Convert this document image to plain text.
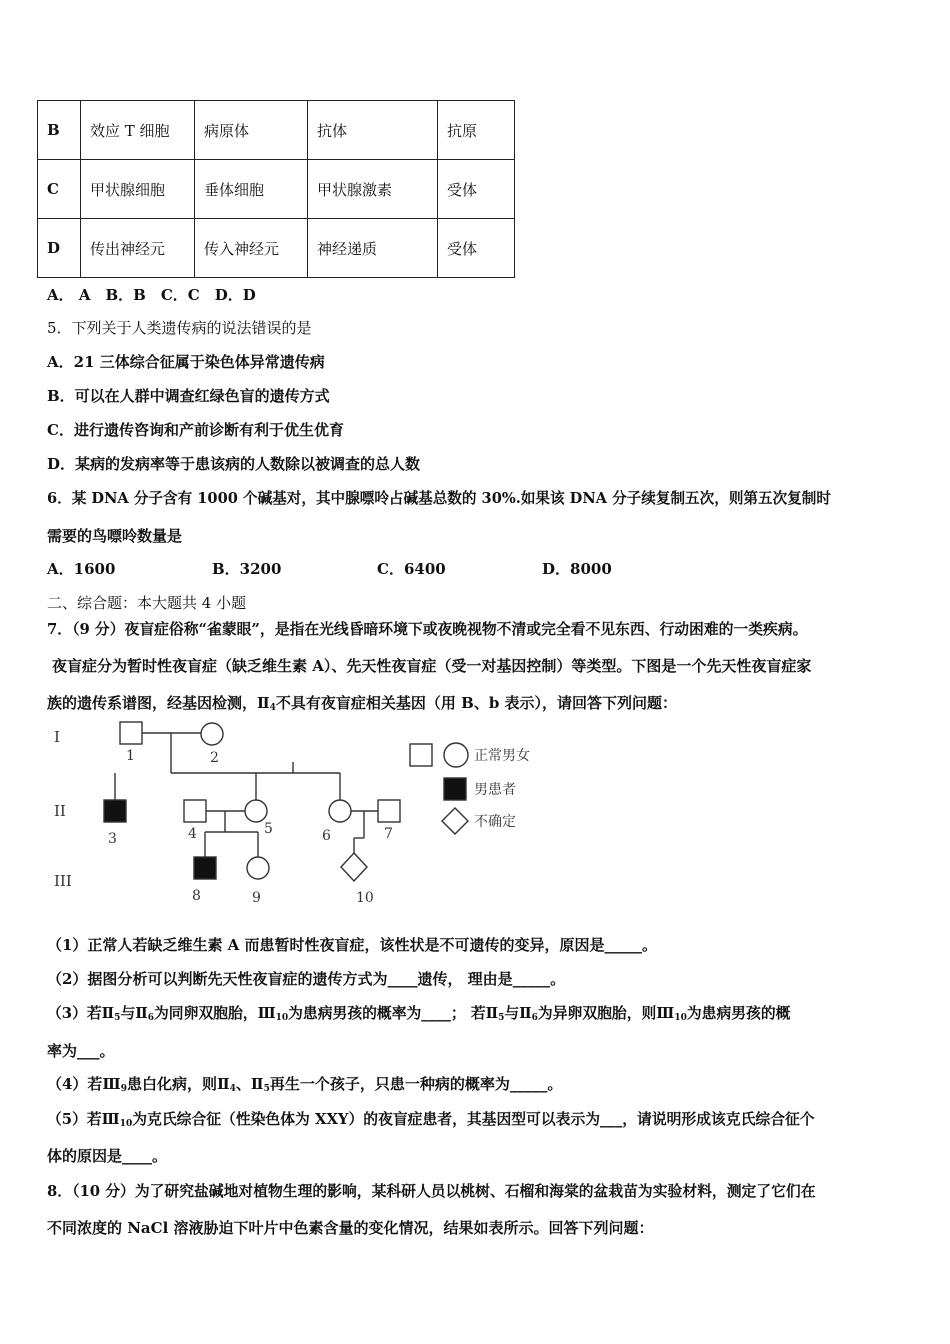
B	效应 T 细胞	病原体	抗体	抗原
C	甲状腺细胞	垂体细胞	甲状腺激素	受体
D	传出神经元	传入神经元	神经递质	受体
A． A　B．B　C．C　D．D
5．下列关于人类遗传病的说法错误的是
A．21 三体综合征属于染色体异常遗传病
B．可以在人群中调查红绿色盲的遗传方式
C．进行遗传咨询和产前诊断有利于优生优育
D．某病的发病率等于患该病的人数除以被调查的总人数
6．某 DNA 分子含有 1000 个碱基对，其中腺嘌呤占碱基总数的 30%.如果该 DNA 分子续复制五次，则第五次复制时
需要的鸟嘌呤数量是
A．1600	B．3200	C．6400	D．8000
二、综合题：本大题共 4 小题
7．（9 分）夜盲症俗称“雀蒙眼”，是指在光线昏暗环境下或夜晚视物不清或完全看不见东西、行动困难的一类疾病。
夜盲症分为暂时性夜盲症（缺乏维生素 A）、先天性夜盲症（受一对基因控制）等类型。下图是一个先天性夜盲症家
族的遗传系谱图，经基因检测，$Ⅱ_4$不具有夜盲症相关基因（用 B、b 表示），请回答下列问题：
I
II
III
1	2
3	4	5	6	7
8	9	10
正常男女
男患者
不确定
（1）正常人若缺乏维生素 A 而患暂时性夜盲症，该性状是不可遗传的变异，原因是_____。
（2）据图分析可以判断先天性夜盲症的遗传方式为____遗传， 理由是_____。
（3）若$Ⅱ_5$与$Ⅱ_6$为同卵双胞胎，$Ⅲ_{10}$为患病男孩的概率为____； 若$Ⅱ_5$与$Ⅱ_6$为异卵双胞胎，则$Ⅲ_{10}$为患病男孩的概
率为___。
（4）若$Ⅲ_9$患白化病，则$Ⅱ_4$、$Ⅱ_5$再生一个孩子，只患一种病的概率为_____。
（5）若$Ⅲ_{10}$为克氏综合征（性染色体为 XXY）的夜盲症患者，其基因型可以表示为___，请说明形成该克氏综合征个
体的原因是____。
8．（10 分）为了研究盐碱地对植物生理的影响，某科研人员以桃树、石榴和海棠的盆栽苗为实验材料，测定了它们在
不同浓度的 NaCl 溶液胁迫下叶片中色素含量的变化情况，结果如表所示。回答下列问题：
